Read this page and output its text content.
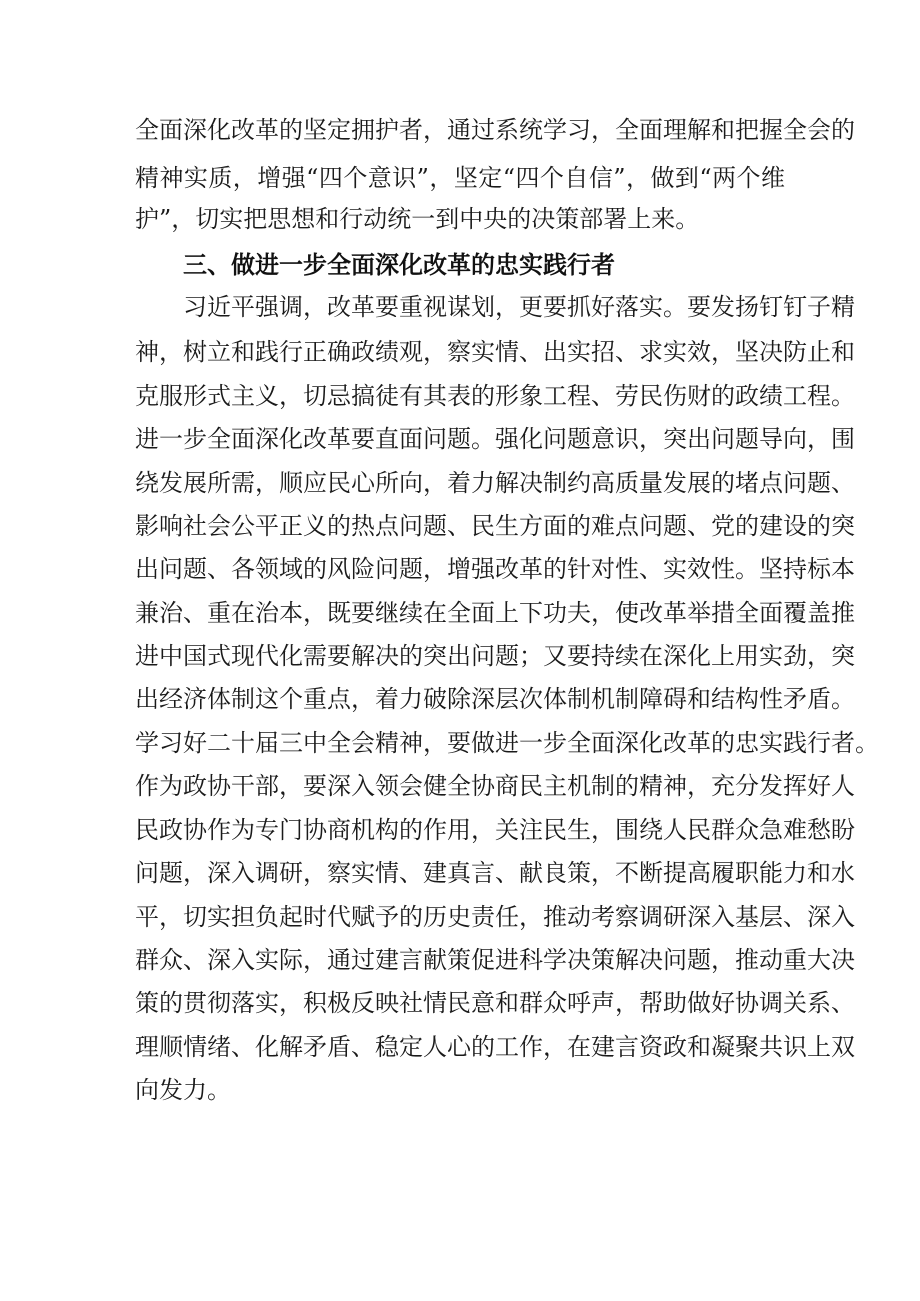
全面深化改革的坚定拥护者，通过系统学习，全面理解和把握全会的
精神实质，增强“四个意识”，坚定“四个自信”，做到“两个维
护”，切实把思想和行动统一到中央的决策部署上来。
三、做进一步全面深化改革的忠实践行者
习近平强调，改革要重视谋划，更要抓好落实。要发扬钉钉子精
神，树立和践行正确政绩观，察实情、出实招、求实效，坚决防止和
克服形式主义，切忌搞徒有其表的形象工程、劳民伤财的政绩工程。
进一步全面深化改革要直面问题。强化问题意识，突出问题导向，围
绕发展所需，顺应民心所向，着力解决制约高质量发展的堵点问题、
影响社会公平正义的热点问题、民生方面的难点问题、党的建设的突
出问题、各领域的风险问题，增强改革的针对性、实效性。坚持标本
兼治、重在治本，既要继续在全面上下功夫，使改革举措全面覆盖推
进中国式现代化需要解决的突出问题；又要持续在深化上用实劲，突
出经济体制这个重点，着力破除深层次体制机制障碍和结构性矛盾。
学习好二十届三中全会精神，要做进一步全面深化改革的忠实践行者。
作为政协干部，要深入领会健全协商民主机制的精神，充分发挥好人
民政协作为专门协商机构的作用，关注民生，围绕人民群众急难愁盼
问题，深入调研，察实情、建真言、献良策，不断提高履职能力和水
平，切实担负起时代赋予的历史责任，推动考察调研深入基层、深入
群众、深入实际，通过建言献策促进科学决策解决问题，推动重大决
策的贯彻落实，积极反映社情民意和群众呼声，帮助做好协调关系、
理顺情绪、化解矛盾、稳定人心的工作，在建言资政和凝聚共识上双
向发力。
